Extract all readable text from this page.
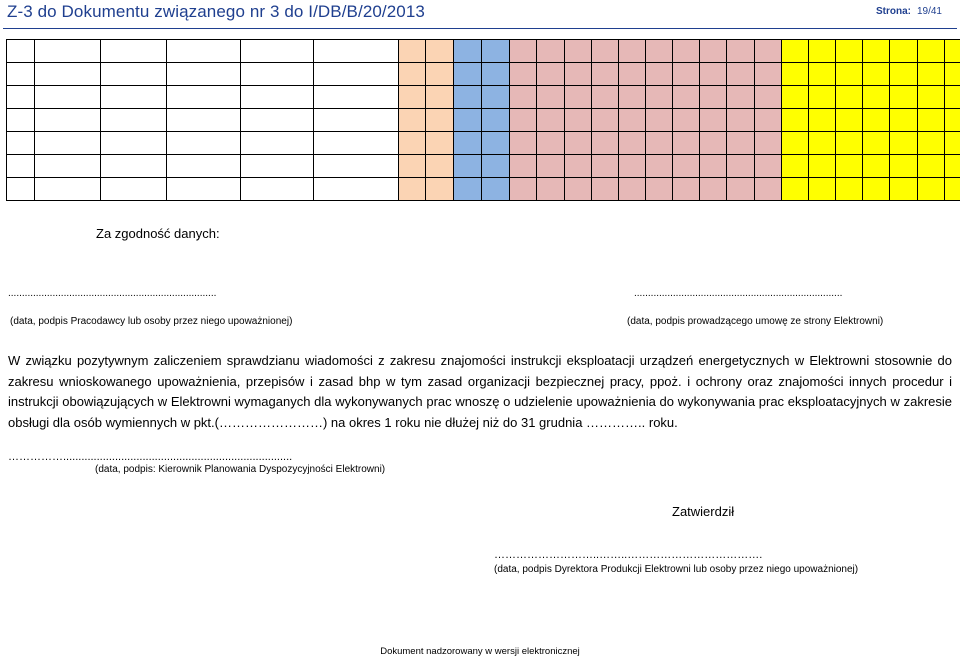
Z-3 do Dokumentu związanego nr 3 do I/DB/B/20/2013	Strona: 19/41

Za zgodność danych:
...........................................................................
(data, podpis Pracodawcy lub osoby przez niego upoważnionej)
...........................................................................
(data, podpis prowadzącego umowę ze strony Elektrowni)
W związku pozytywnym zaliczeniem sprawdzianu wiadomości z zakresu znajomości instrukcji eksploatacji urządzeń energetycznych w Elektrowni stosownie do zakresu wnioskowanego upoważnienia, przepisów i zasad bhp w tym zasad organizacji bezpiecznej pracy, ppoż. i ochrony oraz znajomości innych procedur i instrukcji obowiązujących w Elektrowni wymaganych dla wykonywanych prac wnoszę o udzielenie upoważnienia do wykonywania prac eksploatacyjnych w zakresie obsługi dla osób wymiennych w pkt.(……………………) na okres 1 roku nie dłużej niż do 31 grudnia ………….. roku.
……………...........................................................................
(data, podpis: Kierownik Planowania Dyspozycyjności Elektrowni)
Zatwierdził
………………………..……..……………………………….
(data, podpis Dyrektora Produkcji Elektrowni lub osoby przez niego upoważnionej)
Dokument nadzorowany w wersji elektronicznej
